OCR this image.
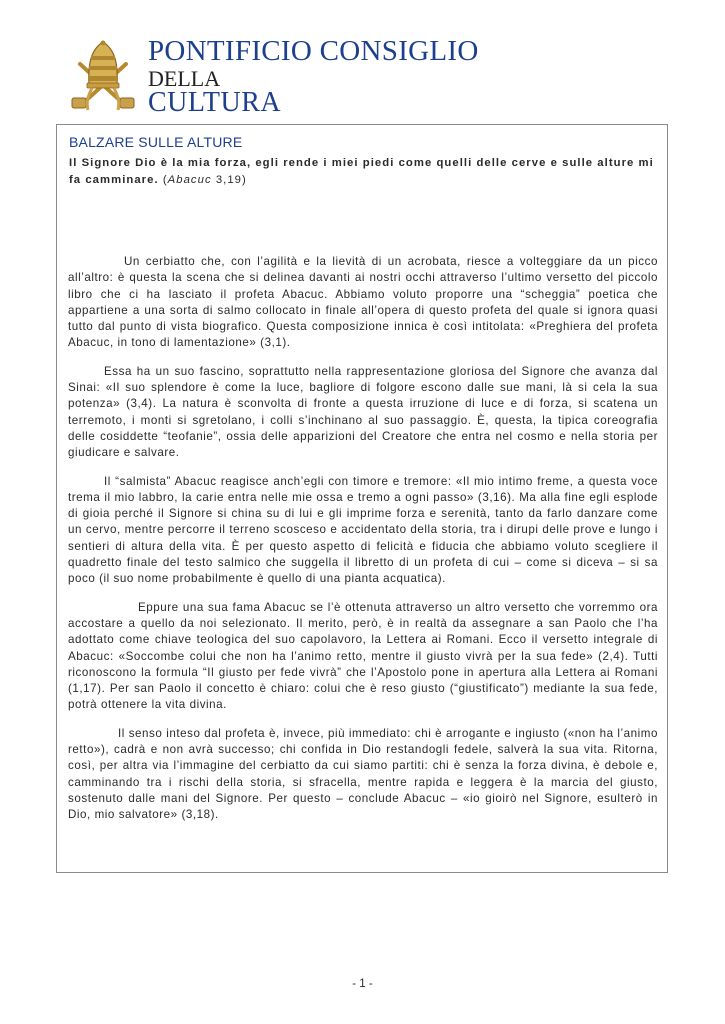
PONTIFICIO CONSIGLIO
DELLA
CULTURA
BALZARE SULLE ALTURE
Il Signore Dio è la mia forza, egli rende i miei piedi come quelli delle cerve e sulle alture mi fa camminare. (Abacuc 3,19)

Un cerbiatto che, con l’agilità e la lievità di un acrobata, riesce a volteggiare da un picco all’altro: è questa la scena che si delinea davanti ai nostri occhi attraverso l’ultimo versetto del piccolo libro che ci ha lasciato il profeta Abacuc. Abbiamo voluto proporre una “scheggia” poetica che appartiene a una sorta di salmo collocato in finale all’opera di questo profeta del quale si ignora quasi tutto dal punto di vista biografico. Questa composizione innica è così intitolata: «Preghiera del profeta Abacuc, in tono di lamentazione» (3,1).

Essa ha un suo fascino, soprattutto nella rappresentazione gloriosa del Signore che avanza dal Sinai: «Il suo splendore è come la luce, bagliore di folgore escono dalle sue mani, là si cela la sua potenza» (3,4). La natura è sconvolta di fronte a questa irruzione di luce e di forza, si scatena un terremoto, i monti si sgretolano, i colli s’inchinano al suo passaggio. È, questa, la tipica coreografia delle cosiddette “teofanie”, ossia delle apparizioni del Creatore che entra nel cosmo e nella storia per giudicare e salvare.

Il “salmista” Abacuc reagisce anch’egli con timore e tremore: «Il mio intimo freme, a questa voce trema il mio labbro, la carie entra nelle mie ossa e tremo a ogni passo» (3,16). Ma alla fine egli esplode di gioia perché il Signore si china su di lui e gli imprime forza e serenità, tanto da farlo danzare come un cervo, mentre percorre il terreno scosceso e accidentato della storia, tra i dirupi delle prove e lungo i sentieri di altura della vita. È per questo aspetto di felicità e fiducia che abbiamo voluto scegliere il quadretto finale del testo salmico che suggella il libretto di un profeta di cui – come si diceva – si sa poco (il suo nome probabilmente è quello di una pianta acquatica).

Eppure una sua fama Abacuc se l’è ottenuta attraverso un altro versetto che vorremmo ora accostare a quello da noi selezionato. Il merito, però, è in realtà da assegnare a san Paolo che l’ha adottato come chiave teologica del suo capolavoro, la Lettera ai Romani. Ecco il versetto integrale di Abacuc: «Soccombe colui che non ha l’animo retto, mentre il giusto vivrà per la sua fede» (2,4). Tutti riconoscono la formula “Il giusto per fede vivrà” che l’Apostolo pone in apertura alla Lettera ai Romani (1,17). Per san Paolo il concetto è chiaro: colui che è reso giusto (“giustificato”) mediante la sua fede, potrà ottenere la vita divina.

Il senso inteso dal profeta è, invece, più immediato: chi è arrogante e ingiusto («non ha l’animo retto»), cadrà e non avrà successo; chi confida in Dio restandogli fedele, salverà la sua vita. Ritorna, così, per altra via l’immagine del cerbiatto da cui siamo partiti: chi è senza la forza divina, è debole e, camminando tra i rischi della storia, si sfracella, mentre rapida e leggera è la marcia del giusto, sostenuto dalle mani del Signore. Per questo – conclude Abacuc – «io gioirò nel Signore, esulterò in Dio, mio salvatore» (3,18).

- 1 -
